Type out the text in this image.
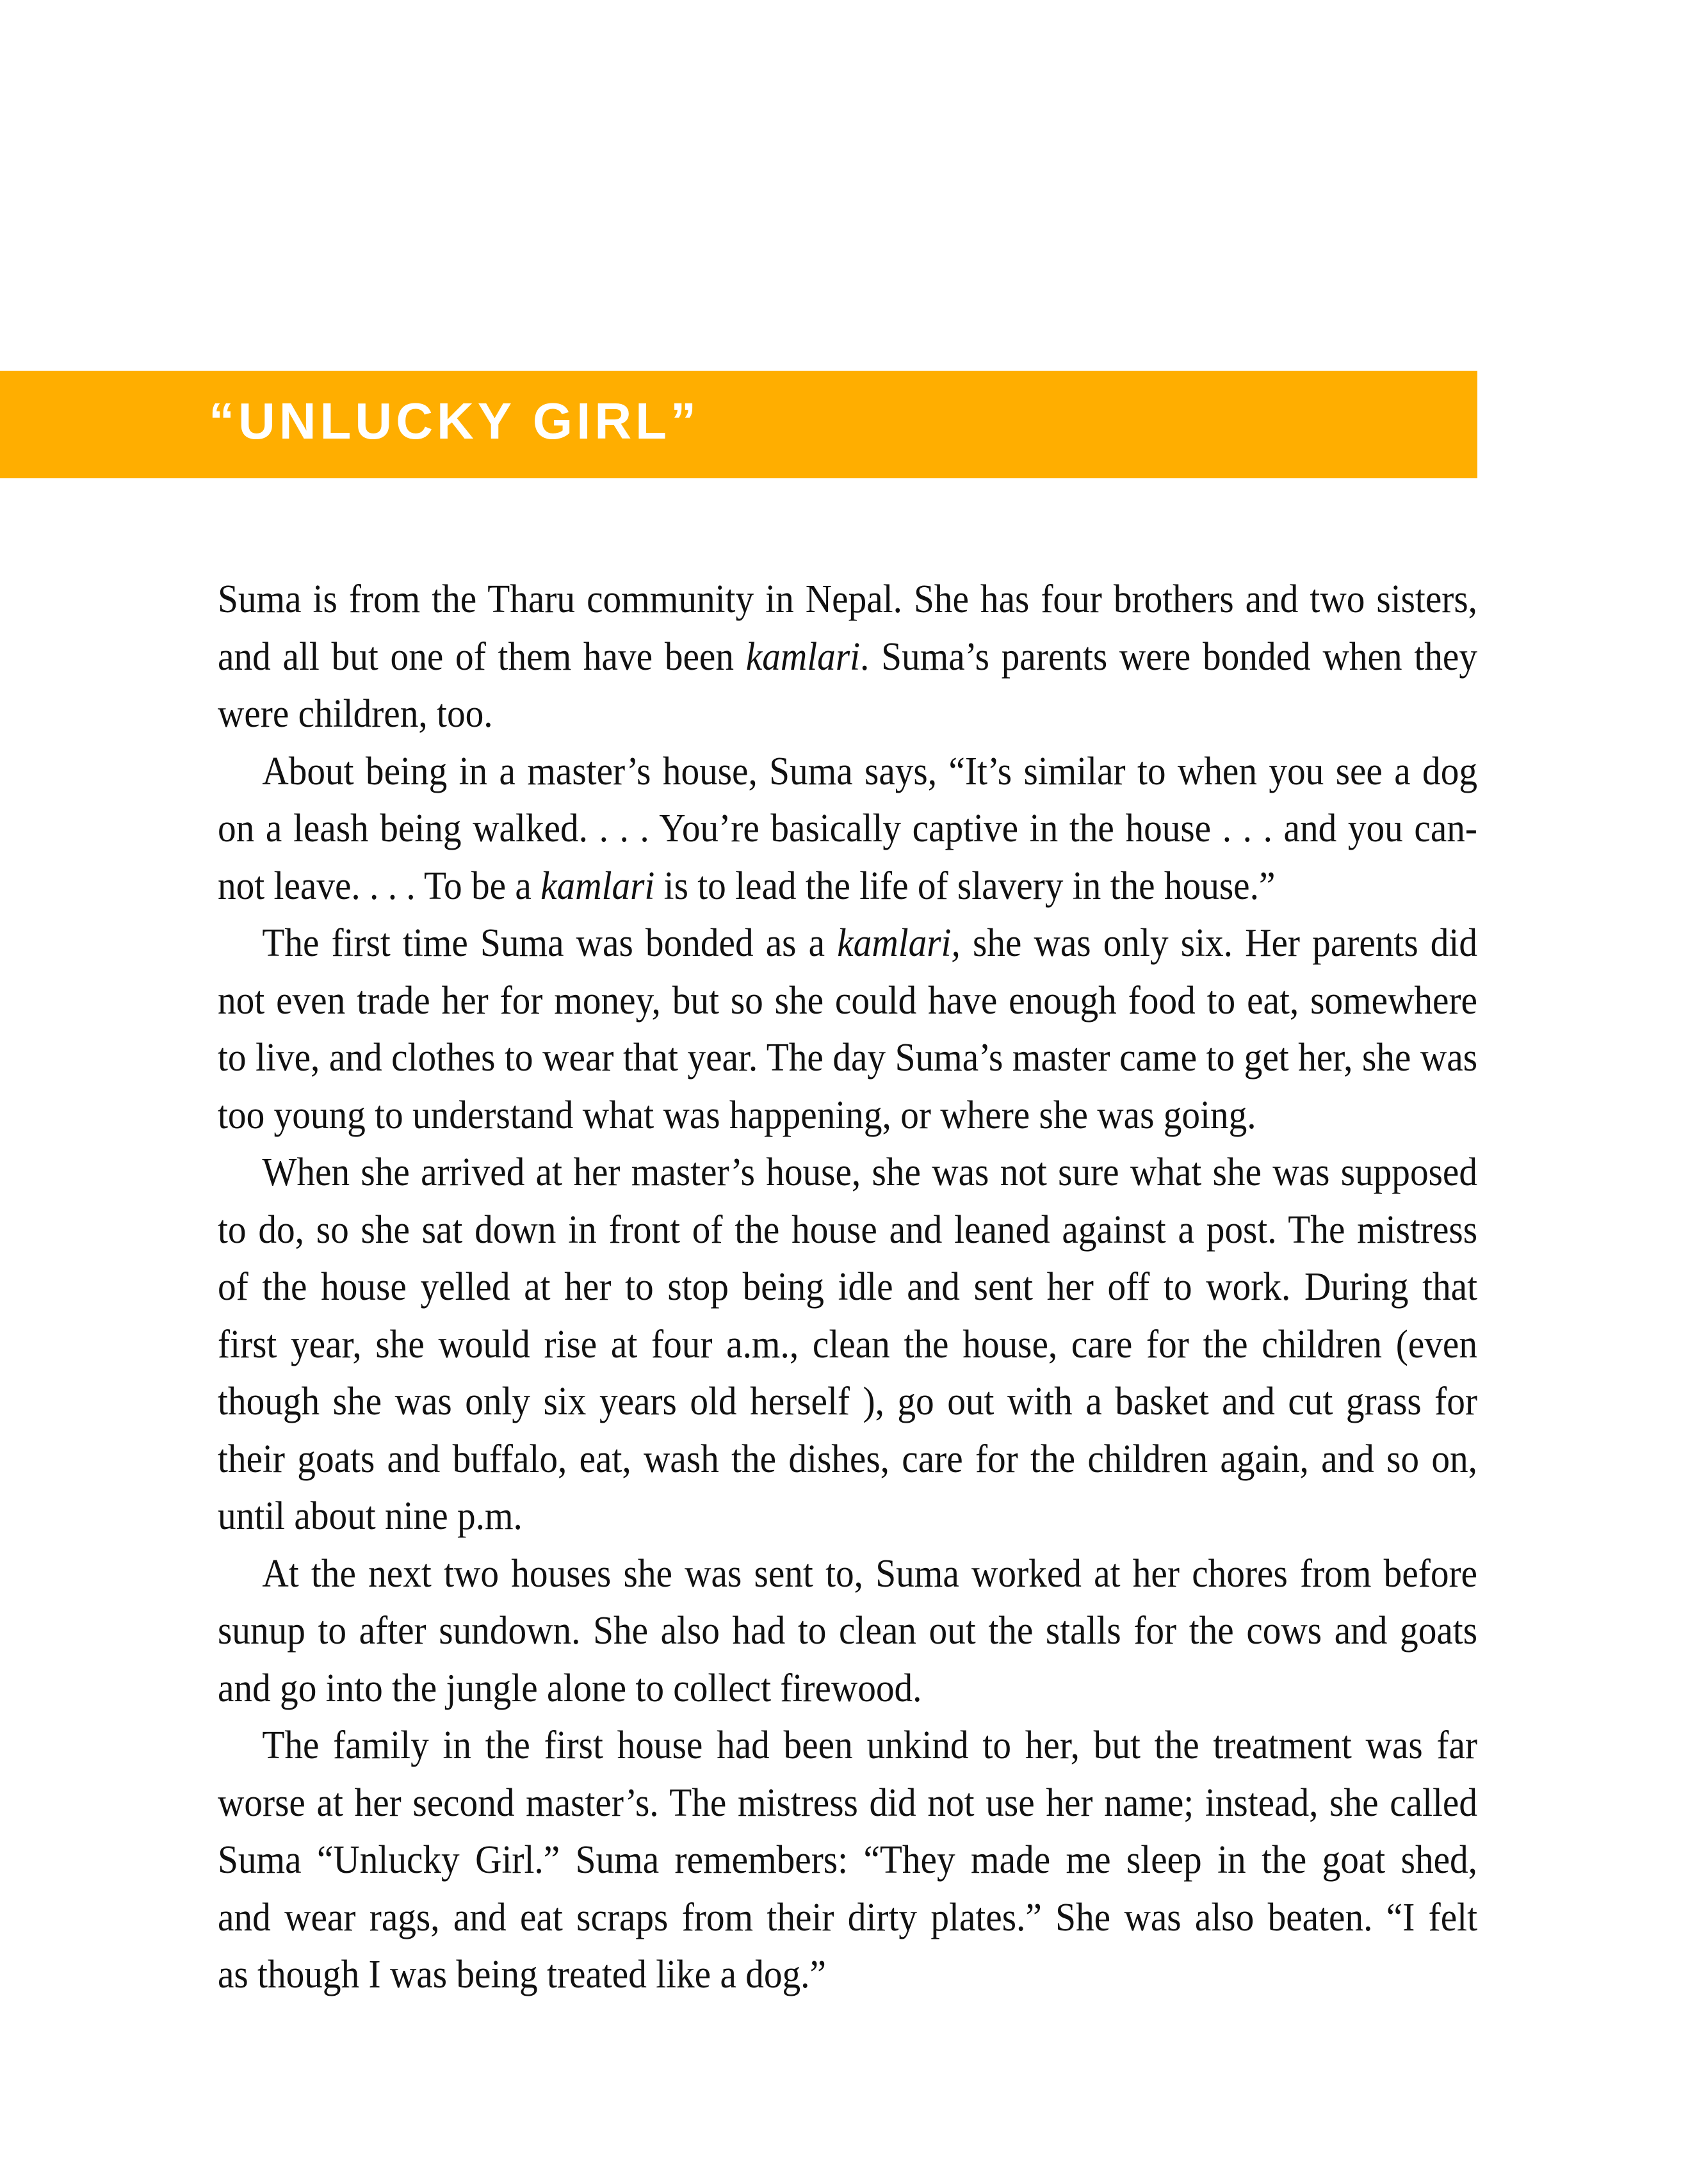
“UNLUCKY GIRL”
Suma is from the Tharu community in Nepal. She has four brothers and two sisters,
and all but one of them have been kamlari. Suma’s parents were bonded when they
were children, too.
About being in a master’s house, Suma says, “It’s similar to when you see a dog
on a leash being walked. . . . You’re basically captive in the house . . . and you can-
not leave. . . . To be a kamlari is to lead the life of slavery in the house.”
The first time Suma was bonded as a kamlari, she was only six. Her parents did
not even trade her for money, but so she could have enough food to eat, somewhere
to live, and clothes to wear that year. The day Suma’s master came to get her, she was
too young to understand what was happening, or where she was going.
When she arrived at her master’s house, she was not sure what she was supposed
to do, so she sat down in front of the house and leaned against a post. The mistress
of the house yelled at her to stop being idle and sent her off to work. During that
first year, she would rise at four a.m., clean the house, care for the children (even
though she was only six years old herself ), go out with a basket and cut grass for
their goats and buffalo, eat, wash the dishes, care for the children again, and so on,
until about nine p.m.
At the next two houses she was sent to, Suma worked at her chores from before
sunup to after sundown. She also had to clean out the stalls for the cows and goats
and go into the jungle alone to collect firewood.
The family in the first house had been unkind to her, but the treatment was far
worse at her second master’s. The mistress did not use her name; instead, she called
Suma “Unlucky Girl.” Suma remembers: “They made me sleep in the goat shed,
and wear rags, and eat scraps from their dirty plates.” She was also beaten. “I felt
as though I was being treated like a dog.”
